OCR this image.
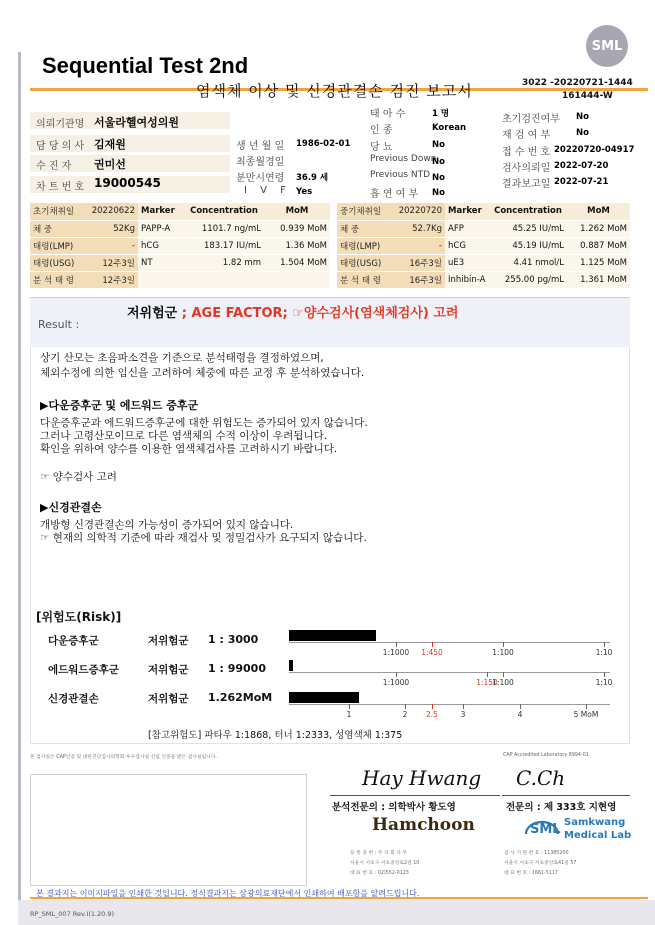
SML
Sequential Test 2nd
염색체 이상 및 신경관결손 검진 보고서	3022 -20220721-1444
161444-W
의뢰기관명 서울라헬여성의원
담 당 의 사 김재원
수 진 자 권미선
차 트 번 호 19000545
생 년 월 일 1986-02-01
최종월경일
분만시연령 36.9 세
I V F Yes
태 아 수	1 명
인 종	Korean
당 뇨	No
Previous Down
No
Previous NTD No
흡 연 여 부 No
초기검진여부 No
재 검 여 부	No
접 수 번 호 20220720-04917
검사의뢰일 2022-07-20
결과보고일 2022-07-21
초기채취일	20220622	Marker	Concentration	MoM
체 중	52Kg	PAPP-A	1101.7 ng/mL	0.939 MoM
태령(LMP)	-	hCG	183.17 IU/mL	1.36 MoM
태령(USG)	12주3일	NT	1.82 mm	1.504 MoM
분 석 태 령	12주3일			
중기채취일	20220720	Marker	Concentration	MoM
체 중	52.7Kg	AFP	45.25 IU/mL	1.262 MoM
태령(LMP)	-	hCG	45.19 IU/mL	0.887 MoM
태령(USG)	16주3일	uE3	4.41 nmol/L	1.125 MoM
분 석 태 령	16주3일	Inhibin-A	255.00 pg/mL	1.361 MoM
Result :
저위험군 ; AGE FACTOR; ☞양수검사(염색체검사) 고려
상기 산모는 초음파소견을 기준으로 분석태령을 결정하였으며,
체외수정에 의한 임신을 고려하여 체중에 따른 교정 후 분석하였습니다.
▶다운증후군 및 에드워드 증후군
다운증후군과 에드워드증후군에 대한 위험도는 증가되어 있지 않습니다.
그러나 고령산모이므로 다른 염색체의 수적 이상이 우려됩니다.
확인을 위하여 양수를 이용한 염색체검사를 고려하시기 바랍니다.
☞ 양수검사 고려
▶신경관결손
개방형 신경관결손의 가능성이 증가되어 있지 않습니다.
☞ 현재의 의학적 기준에 따라 재검사 및 정밀검사가 요구되지 않습니다.
[위험도(Risk)]
다운증후군	저위험군 1 : 3000
에드워드증후군	저위험군 1 : 99000
신경관결손	저위험군 1.262MoM
[참고위험도] 파타우 1:1868, 터너 1:2333, 성염색체 1:375
본 검사실은 CAP인증 및 대한진단검사의학회 우수검사실 신임 인증을 받은 검사실입니다.	CAP Accredited Laboratory 8994-01
Hay Hwang
분석전문의 : 의학박사 황도영
C.Ch
전문의 : 제 333호 지현영
Hamchoon
등 록 증 번 : 주 식 회 사 주
서울시 서초구 서초중앙로2길 10
대 표 번 호 : 02)552-0123
SML Samkwang
Medical Lab
검 사 기 관 번 호 : 11385200
서울시 서초구 서초중앙로41길 57
대 표 번 호 : 1661-5117
본 결과지는 이미지파일을 인쇄한 것입니다. 정식결과지는 삼광의료재단에서 인쇄하여 배포함을 알려드립니다.
RP_SML_007 Rev.I(1.20.9)
1:1000 1:450	1:100	1:10
1:1000	1:150
1:100	1:10
1	2 2.5	3	4	5 MoM
